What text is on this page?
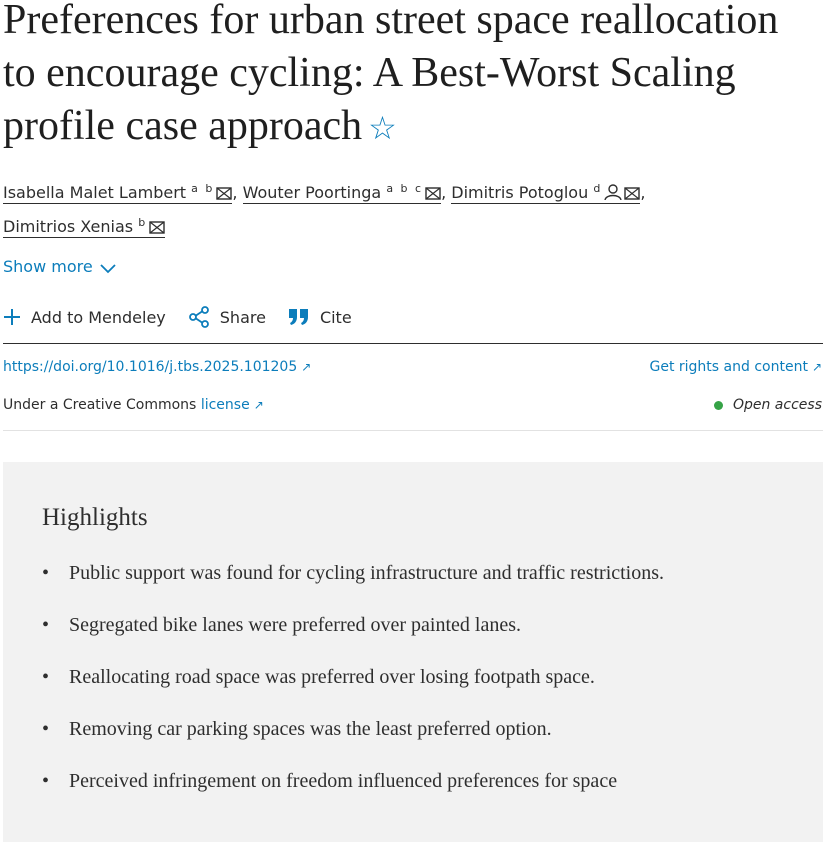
Preferences for urban street space reallocation to encourage cycling: A Best-Worst Scaling profile case approach ☆
Isabella Malet Lambert $^{a b}$ , Wouter Poortinga $^{a b c}$ , Dimitris Potoglou $^d$ ,
Dimitrios Xenias $^b$
Show more
Add to Mendeley	Share	Cite
https://doi.org/10.1016/j.tbs.2025.101205 ↗	Get rights and content ↗
Under a Creative Commons license ↗	Open access
Highlights
• Public support was found for cycling infrastructure and traffic restrictions.
• Segregated bike lanes were preferred over painted lanes.
• Reallocating road space was preferred over losing footpath space.
• Removing car parking spaces was the least preferred option.
• Perceived infringement on freedom influenced preferences for space
